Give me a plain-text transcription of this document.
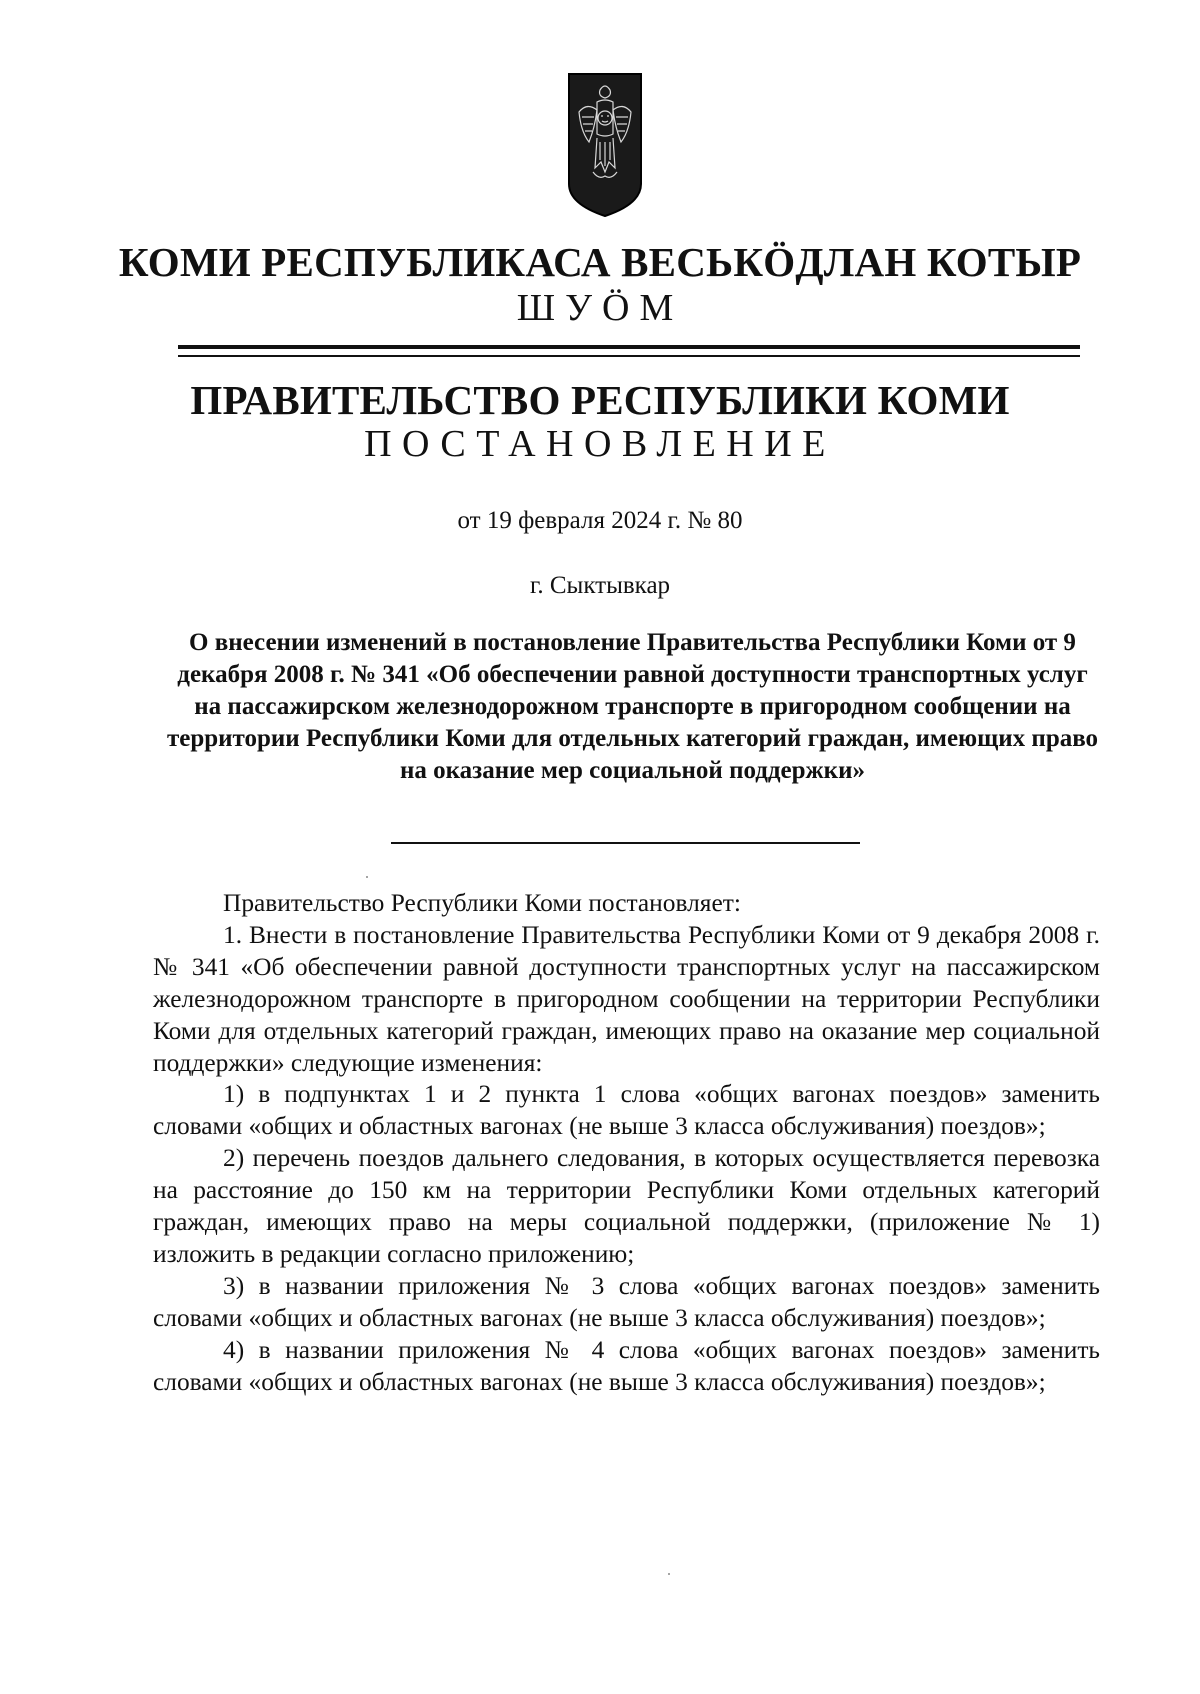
КОМИ РЕСПУБЛИКАСА ВЕСЬКӦДЛАН КОТЫР
ШУӦМ
ПРАВИТЕЛЬСТВО РЕСПУБЛИКИ КОМИ
ПОСТАНОВЛЕНИЕ
от 19 февраля 2024 г. № 80
г. Сыктывкар
О внесении изменений в постановление Правительства Республики Коми от 9 декабря 2008 г. № 341 «Об обеспечении равной доступности транспортных услуг на пассажирском железнодорожном транспорте в пригородном сообщении на территории Республики Коми для отдельных категорий граждан, имеющих право на оказание мер социальной поддержки»

Правительство Республики Коми постановляет:

1. Внести в постановление Правительства Республики Коми от 9 декабря 2008 г. № 341 «Об обеспечении равной доступности транспортных услуг на пассажирском железнодорожном транспорте в пригородном сообщении на территории Республики Коми для отдельных категорий граждан, имеющих право на оказание мер социальной поддержки» следующие изменения:

1) в подпунктах 1 и 2 пункта 1 слова «общих вагонах поездов» заменить словами «общих и областных вагонах (не выше 3 класса обслуживания) поездов»;

2) перечень поездов дальнего следования, в которых осуществляется перевозка на расстояние до 150 км на территории Республики Коми отдельных категорий граждан, имеющих право на меры социальной поддержки, (приложение № 1) изложить в редакции согласно приложению;

3) в названии приложения № 3 слова «общих вагонах поездов» заменить словами «общих и областных вагонах (не выше 3 класса обслуживания) поездов»;

4) в названии приложения № 4 слова «общих вагонах поездов» заменить словами «общих и областных вагонах (не выше 3 класса обслуживания) поездов»;
